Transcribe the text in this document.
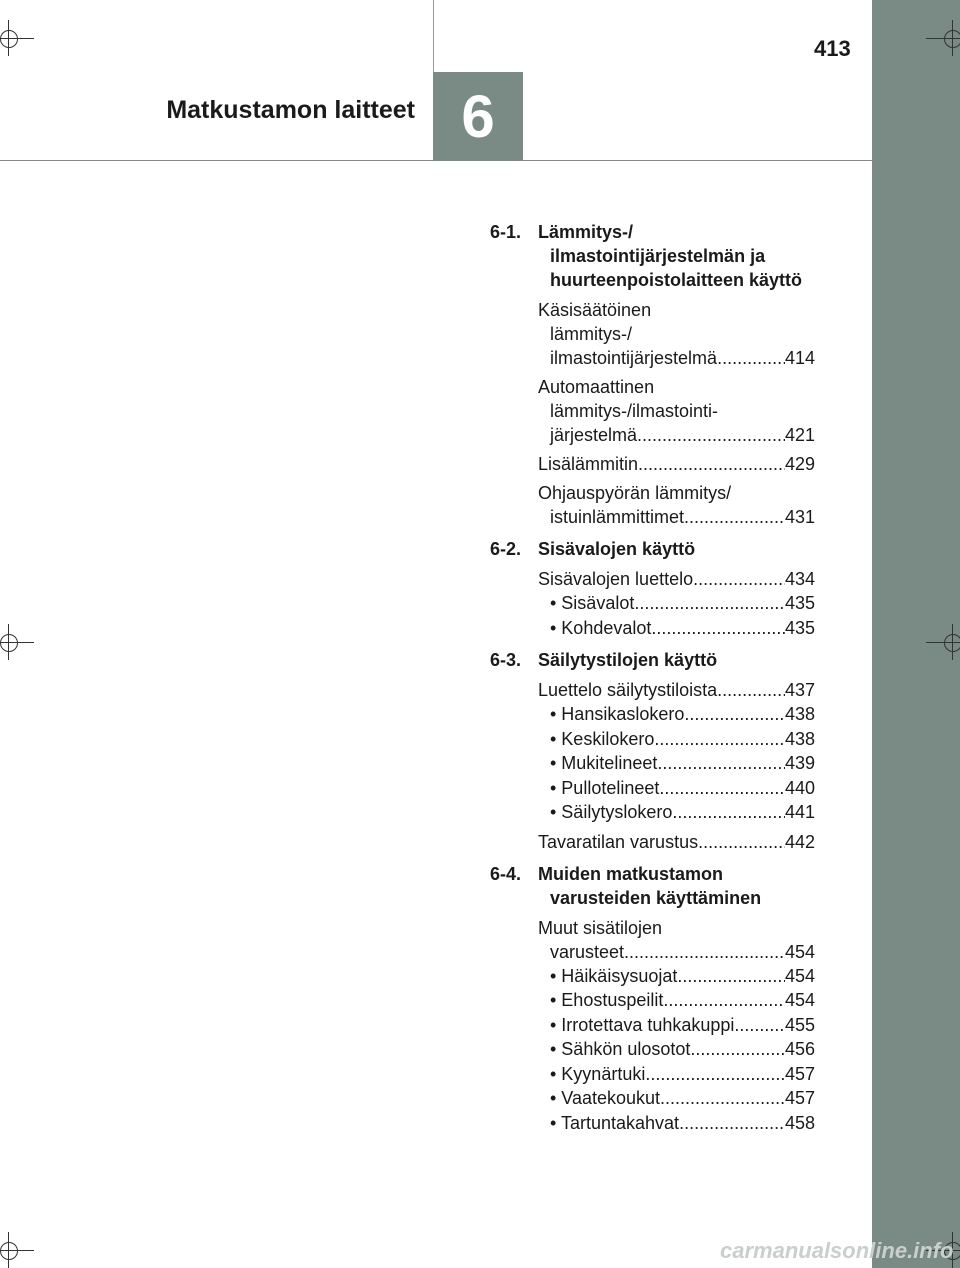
6
Matkustamon laitteet
413
6-1. Lämmitys-/ ilmastointijärjestelmän ja huurteenpoistolaitteen käyttö
Käsisäätöinen
lämmitys-/
ilmastointijärjestelmä .....	414
Automaattinen
lämmitys-/ilmastointi-
järjestelmä .....	421
Lisälämmitin .....	429
Ohjauspyörän lämmitys/
istuinlämmittimet .....	431
6-2. Sisävalojen käyttö
Sisävalojen luettelo .....	434
• Sisävalot .....	435
• Kohdevalot .....	435
6-3. Säilytystilojen käyttö
Luettelo säilytystiloista .....	437
• Hansikaslokero .....	438
• Keskilokero .....	438
• Mukitelineet .....	439
• Pullotelineet .....	440
• Säilytyslokero .....	441
Tavaratilan varustus .....	442
6-4. Muiden matkustamon varusteiden käyttäminen
Muut sisätilojen
varusteet .....	454
• Häikäisysuojat .....	454
• Ehostuspeilit .....	454
• Irrotettava tuhkakuppi .....	455
• Sähkön ulosotot .....	456
• Kyynärtuki .....	457
• Vaatekoukut .....	457
• Tartuntakahvat .....	458
carmanualsonline.info
